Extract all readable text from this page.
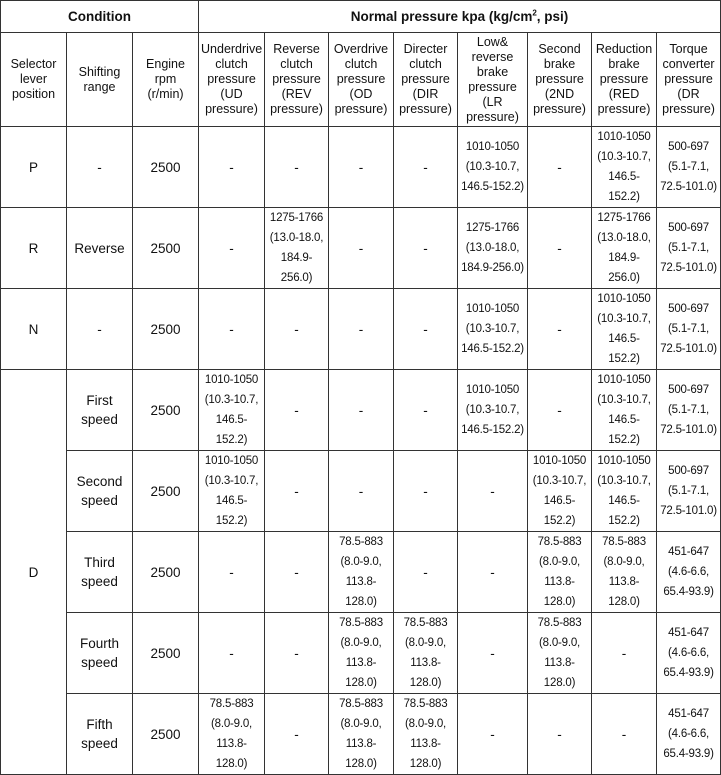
Condition			Normal pressure kpa ($kg/cm^2$, psi)							
Selector lever position	Shifting range	Engine rpm (r/min)	Underdrive clutch pressure (UD pressure)	Reverse clutch pressure (REV pressure)	Overdrive clutch pressure (OD pressure)	Directer clutch pressure (DIR pressure)	Low& reverse brake pressure (LR pressure)	Second brake pressure (2ND pressure)	Reduction brake pressure (RED pressure)	Torque converter pressure (DR pressure)
P	-	2500	-	-	-	-	1010-1050
(10.3-10.7,
146.5-152.2)	-	1010-1050
(10.3-10.7,
146.5-152.2)	500-697
(5.1-7.1,
72.5-101.0)
R	Reverse	2500	-	1275-1766
(13.0-18.0,
184.9-256.0)	-	-	1275-1766
(13.0-18.0,
184.9-256.0)	-	1275-1766
(13.0-18.0,
184.9-256.0)	500-697
(5.1-7.1,
72.5-101.0)
N	-	2500	-	-	-	-	1010-1050
(10.3-10.7,
146.5-152.2)	-	1010-1050
(10.3-10.7,
146.5-152.2)	500-697
(5.1-7.1,
72.5-101.0)
D	First
speed	2500	1010-1050
(10.3-10.7,
146.5-152.2)	-	-	-	1010-1050
(10.3-10.7,
146.5-152.2)	-	1010-1050
(10.3-10.7,
146.5-152.2)	500-697
(5.1-7.1,
72.5-101.0)
	Second
speed	2500	1010-1050
(10.3-10.7,
146.5-152.2)	-	-	-	-	1010-1050
(10.3-10.7,
146.5-152.2)	1010-1050
(10.3-10.7,
146.5-152.2)	500-697
(5.1-7.1,
72.5-101.0)
	Third
speed	2500	-	-	78.5-883
(8.0-9.0,
113.8-128.0)	-	-	78.5-883
(8.0-9.0,
113.8-128.0)	78.5-883
(8.0-9.0,
113.8-128.0)	451-647
(4.6-6.6,
65.4-93.9)
	Fourth
speed	2500	-	-	78.5-883
(8.0-9.0,
113.8-128.0)	78.5-883
(8.0-9.0,
113.8-128.0)	-	78.5-883
(8.0-9.0,
113.8-128.0)	-	451-647
(4.6-6.6,
65.4-93.9)
	Fifth
speed	2500	78.5-883
(8.0-9.0,
113.8-128.0)	-	78.5-883
(8.0-9.0,
113.8-128.0)	78.5-883
(8.0-9.0,
113.8-128.0)	-	-	-	451-647
(4.6-6.6,
65.4-93.9)
